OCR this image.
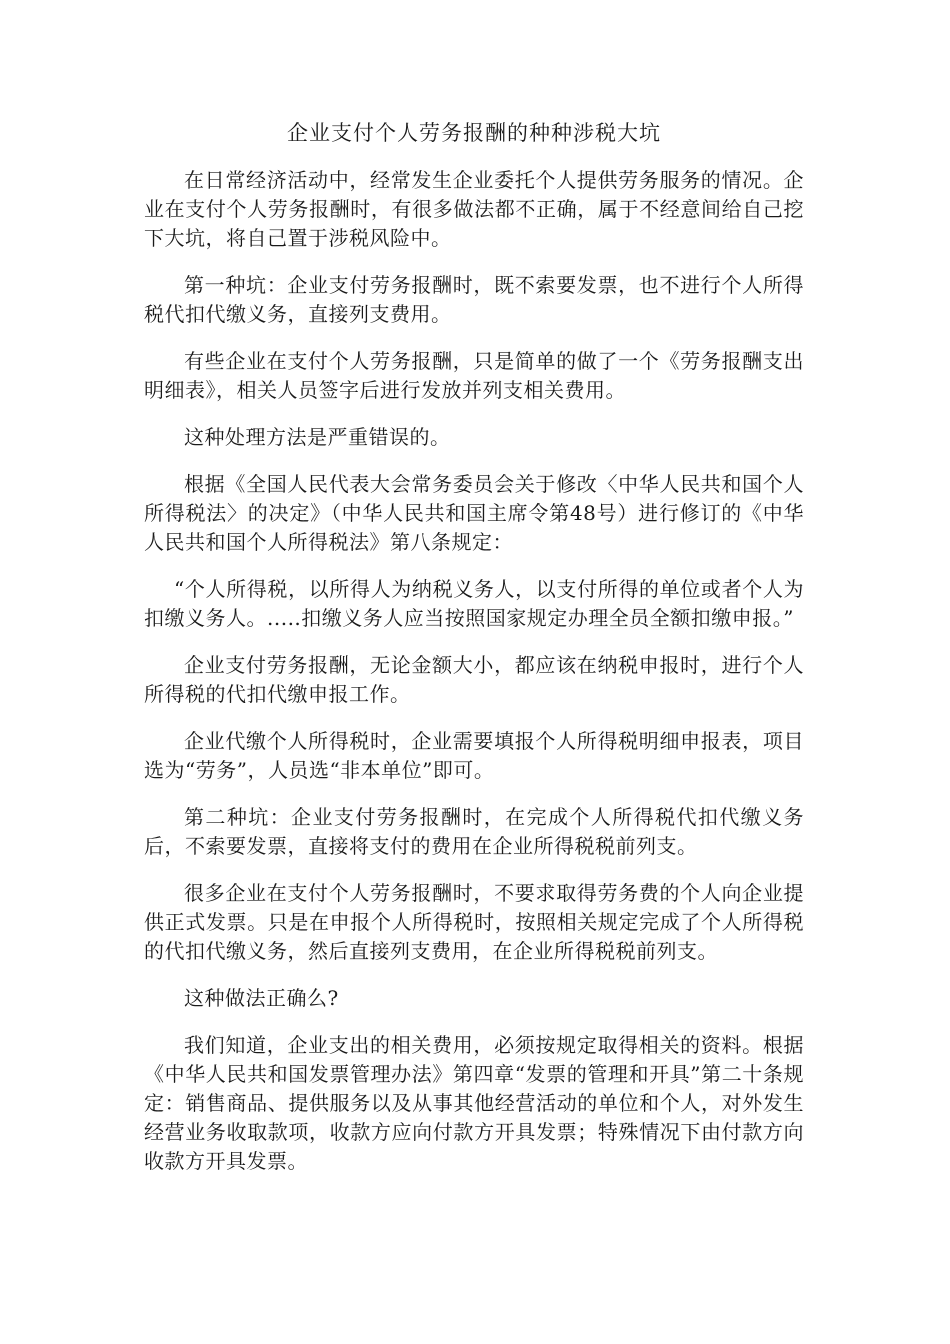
企业支付个人劳务报酬的种种涉税大坑

在日常经济活动中，经常发生企业委托个人提供劳务服务的情况。企业在支付个人劳务报酬时，有很多做法都不正确，属于不经意间给自己挖下大坑，将自己置于涉税风险中。

第一种坑：企业支付劳务报酬时，既不索要发票，也不进行个人所得税代扣代缴义务，直接列支费用。

有些企业在支付个人劳务报酬，只是简单的做了一个《劳务报酬支出明细表》，相关人员签字后进行发放并列支相关费用。

这种处理方法是严重错误的。

根据《全国人民代表大会常务委员会关于修改〈中华人民共和国个人所得税法〉的决定》（中华人民共和国主席令第48号）进行修订的《中华人民共和国个人所得税法》第八条规定：

“个人所得税，以所得人为纳税义务人，以支付所得的单位或者个人为扣缴义务人。.....扣缴义务人应当按照国家规定办理全员全额扣缴申报。”

企业支付劳务报酬，无论金额大小，都应该在纳税申报时，进行个人所得税的代扣代缴申报工作。

企业代缴个人所得税时，企业需要填报个人所得税明细申报表，项目选为“劳务”，人员选“非本单位”即可。

第二种坑：企业支付劳务报酬时，在完成个人所得税代扣代缴义务后，不索要发票，直接将支付的费用在企业所得税税前列支。

很多企业在支付个人劳务报酬时，不要求取得劳务费的个人向企业提供正式发票。只是在申报个人所得税时，按照相关规定完成了个人所得税的代扣代缴义务，然后直接列支费用，在企业所得税税前列支。

这种做法正确么?

我们知道，企业支出的相关费用，必须按规定取得相关的资料。根据《中华人民共和国发票管理办法》第四章“发票的管理和开具”第二十条规定：销售商品、提供服务以及从事其他经营活动的单位和个人，对外发生经营业务收取款项，收款方应向付款方开具发票；特殊情况下由付款方向收款方开具发票。
